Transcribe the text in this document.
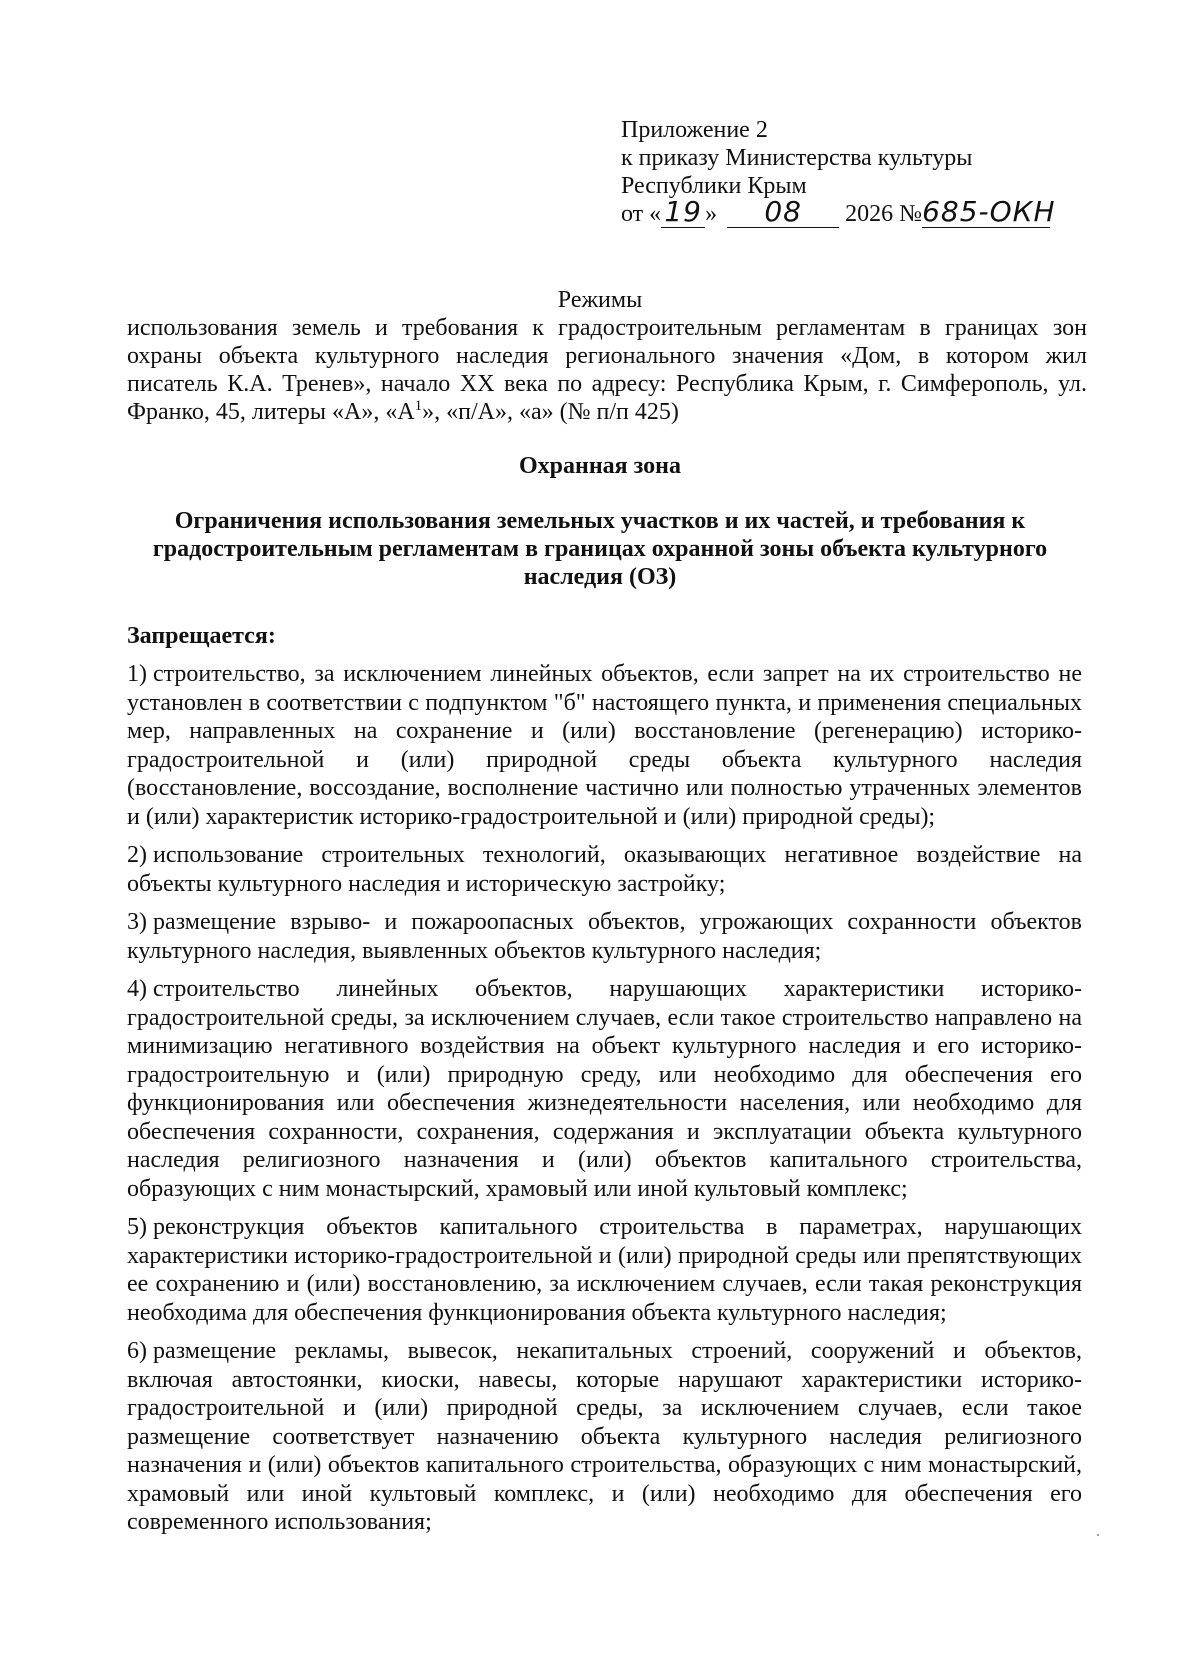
Приложение 2
к приказу Министерства культуры
Республики Крым
от « 19 » 08 2026 №685-ОКН
Режимы
использования земель и требования к градостроительным регламентам в границах зон охраны объекта культурного наследия регионального значения «Дом, в котором жил писатель К.А. Тренев», начало XX века по адресу: Республика Крым, г. Симферополь, ул. Франко, 45, литеры «А», «$А^1$», «п/А», «а» (№ п/п 425)
Охранная зона
Ограничения использования земельных участков и их частей, и требования к градостроительным регламентам в границах охранной зоны объекта культурного наследия (ОЗ)
Запрещается:

1) строительство, за исключением линейных объектов, если запрет на их строительство не установлен в соответствии с подпунктом "б" настоящего пункта, и применения специальных мер, направленных на сохранение и (или) восстановление (регенерацию) историко-градостроительной и (или) природной среды объекта культурного наследия (восстановление, воссоздание, восполнение частично или полностью утраченных элементов и (или) характеристик историко-градостроительной и (или) природной среды);

2) использование строительных технологий, оказывающих негативное воздействие на объекты культурного наследия и историческую застройку;

3) размещение взрыво- и пожароопасных объектов, угрожающих сохранности объектов культурного наследия, выявленных объектов культурного наследия;

4) строительство линейных объектов, нарушающих характеристики историко-градостроительной среды, за исключением случаев, если такое строительство направлено на минимизацию негативного воздействия на объект культурного наследия и его историко-градостроительную и (или) природную среду, или необходимо для обеспечения его функционирования или обеспечения жизнедеятельности населения, или необходимо для обеспечения сохранности, сохранения, содержания и эксплуатации объекта культурного наследия религиозного назначения и (или) объектов капитального строительства, образующих с ним монастырский, храмовый или иной культовый комплекс;

5) реконструкция объектов капитального строительства в параметрах, нарушающих характеристики историко-градостроительной и (или) природной среды или препятствующих ее сохранению и (или) восстановлению, за исключением случаев, если такая реконструкция необходима для обеспечения функционирования объекта культурного наследия;

6) размещение рекламы, вывесок, некапитальных строений, сооружений и объектов, включая автостоянки, киоски, навесы, которые нарушают характеристики историко-градостроительной и (или) природной среды, за исключением случаев, если такое размещение соответствует назначению объекта культурного наследия религиозного назначения и (или) объектов капитального строительства, образующих с ним монастырский, храмовый или иной культовый комплекс, и (или) необходимо для обеспечения его современного использования;
